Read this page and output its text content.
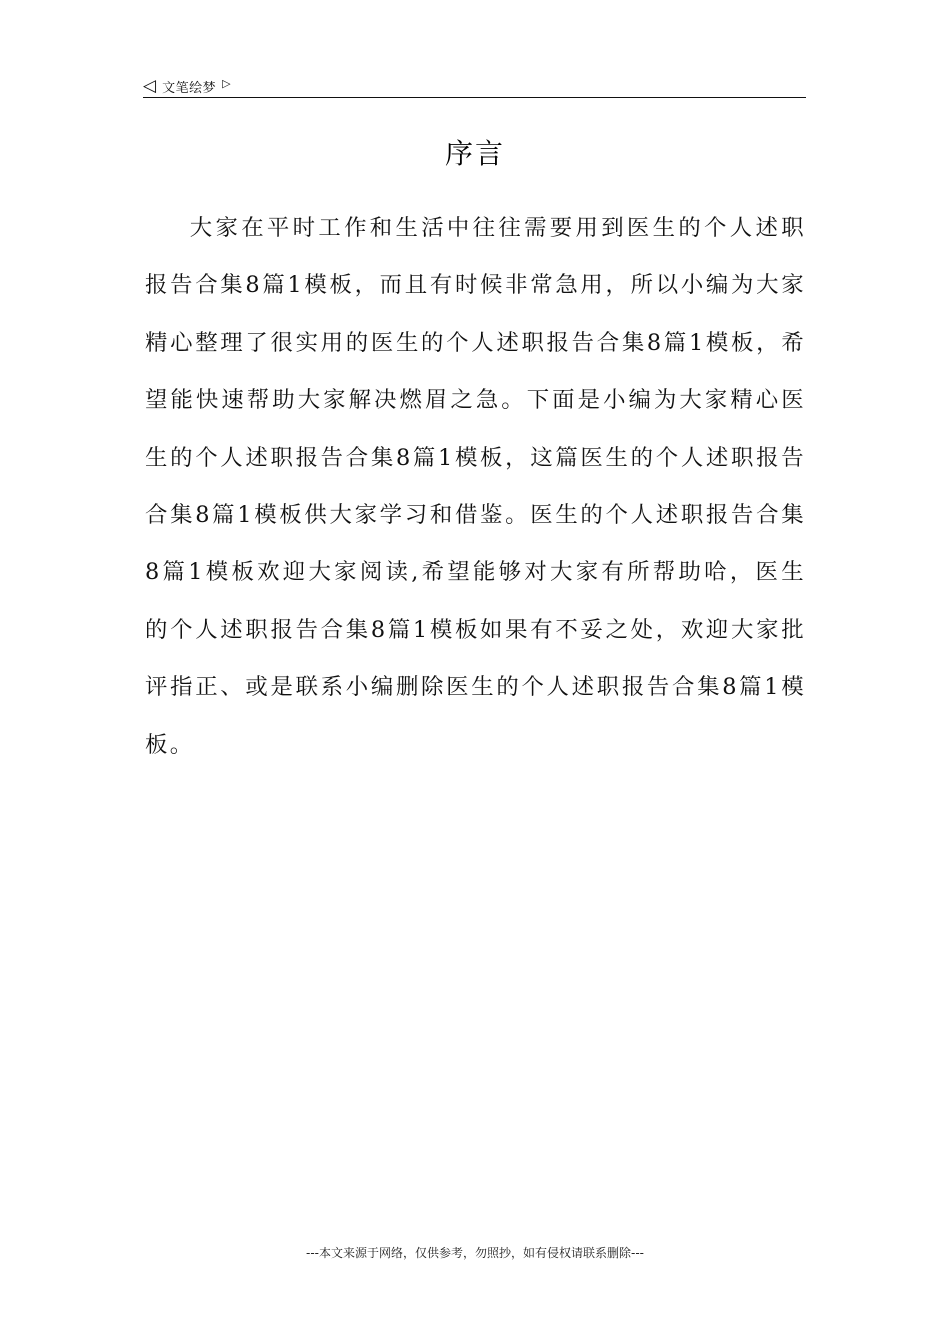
◁ 文笔绘梦 ▷
序言
大家在平时工作和生活中往往需要用到医生的个人述职报告合集8篇1模板，而且有时候非常急用，所以小编为大家精心整理了很实用的医生的个人述职报告合集8篇1模板，希望能快速帮助大家解决燃眉之急。下面是小编为大家精心医生的个人述职报告合集8篇1模板，这篇医生的个人述职报告合集8篇1模板供大家学习和借鉴。医生的个人述职报告合集8篇1模板欢迎大家阅读,希望能够对大家有所帮助哈，医生的个人述职报告合集8篇1模板如果有不妥之处，欢迎大家批评指正、或是联系小编删除医生的个人述职报告合集8篇1模板。
---本文来源于网络，仅供参考，勿照抄，如有侵权请联系删除---
